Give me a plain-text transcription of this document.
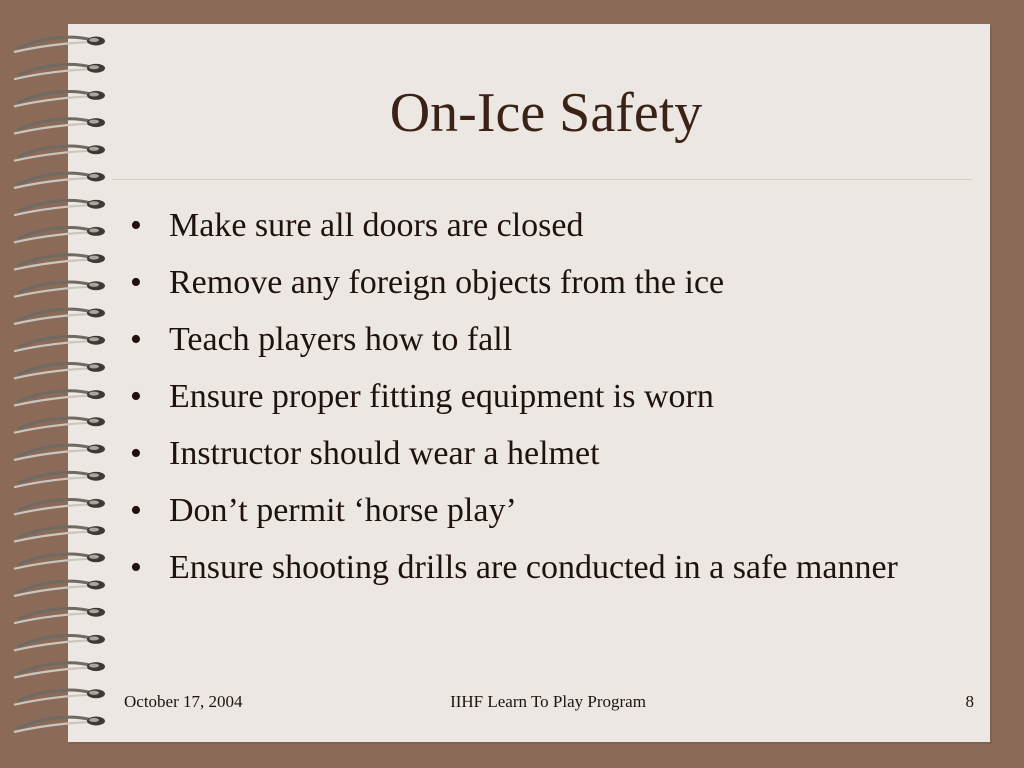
On-Ice Safety
• Make sure all doors are closed
• Remove any foreign objects from the ice
• Teach players how to fall
• Ensure proper fitting equipment is worn
• Instructor should wear a helmet
• Don’t permit ‘horse play’
• Ensure shooting drills are conducted in a safe manner
October 17, 2004	IIHF Learn To Play Program	8
